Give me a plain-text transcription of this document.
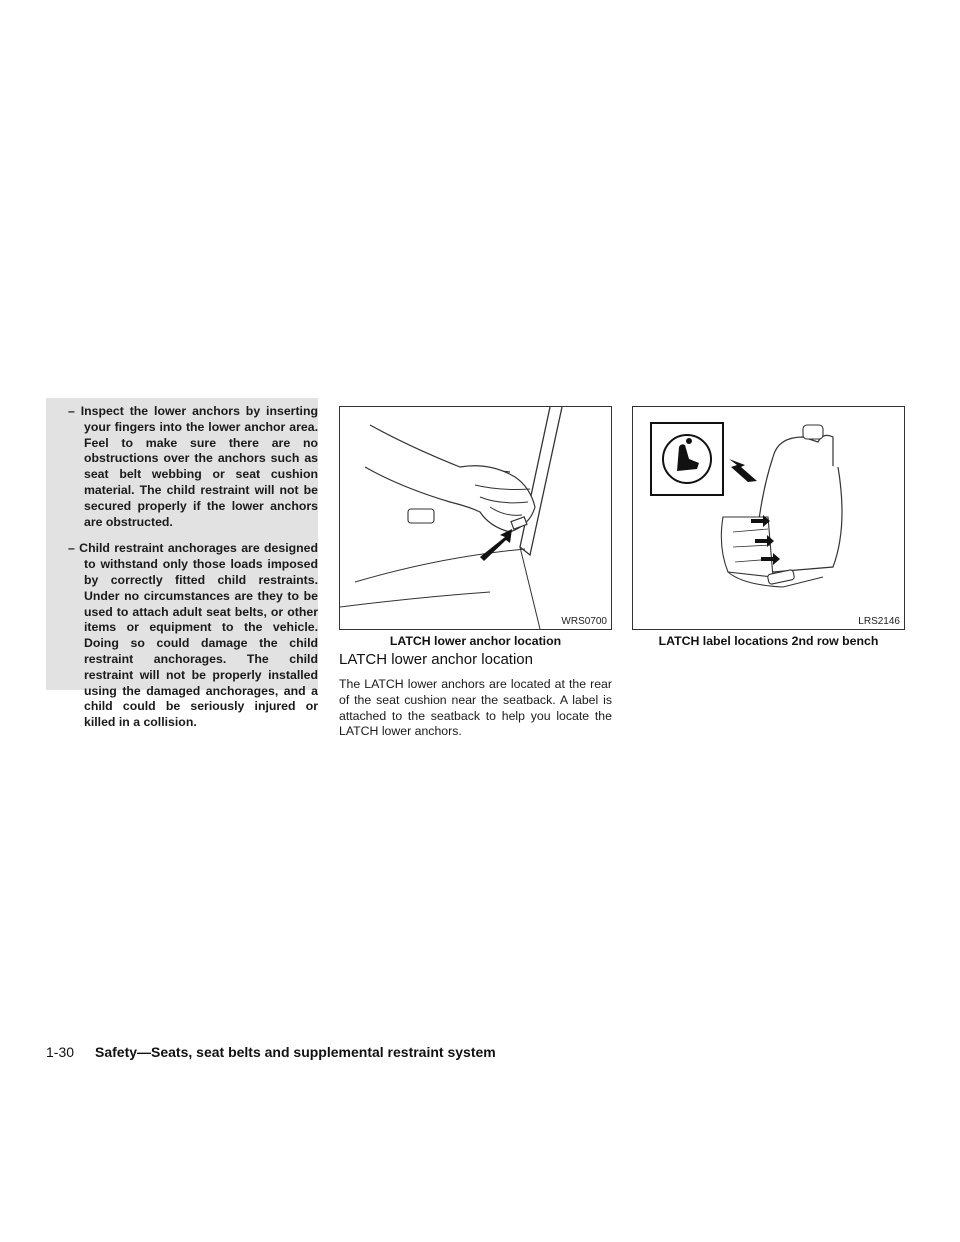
– Inspect the lower anchors by inserting your fingers into the lower anchor area. Feel to make sure there are no obstructions over the anchors such as seat belt webbing or seat cushion material. The child restraint will not be secured properly if the lower anchors are obstructed.

– Child restraint anchorages are designed to withstand only those loads imposed by correctly fitted child restraints. Under no circumstances are they to be used to attach adult seat belts, or other items or equipment to the vehicle. Doing so could damage the child restraint anchorages. The child restraint will not be properly installed using the damaged anchorages, and a child could be seriously injured or killed in a collision.

WRS0700	LRS2146
LATCH lower anchor location	LATCH label locations 2nd row bench
LATCH lower anchor location
The LATCH lower anchors are located at the rear of the seat cushion near the seatback. A label is attached to the seatback to help you locate the LATCH lower anchors.
1-30 Safety—Seats, seat belts and supplemental restraint system
